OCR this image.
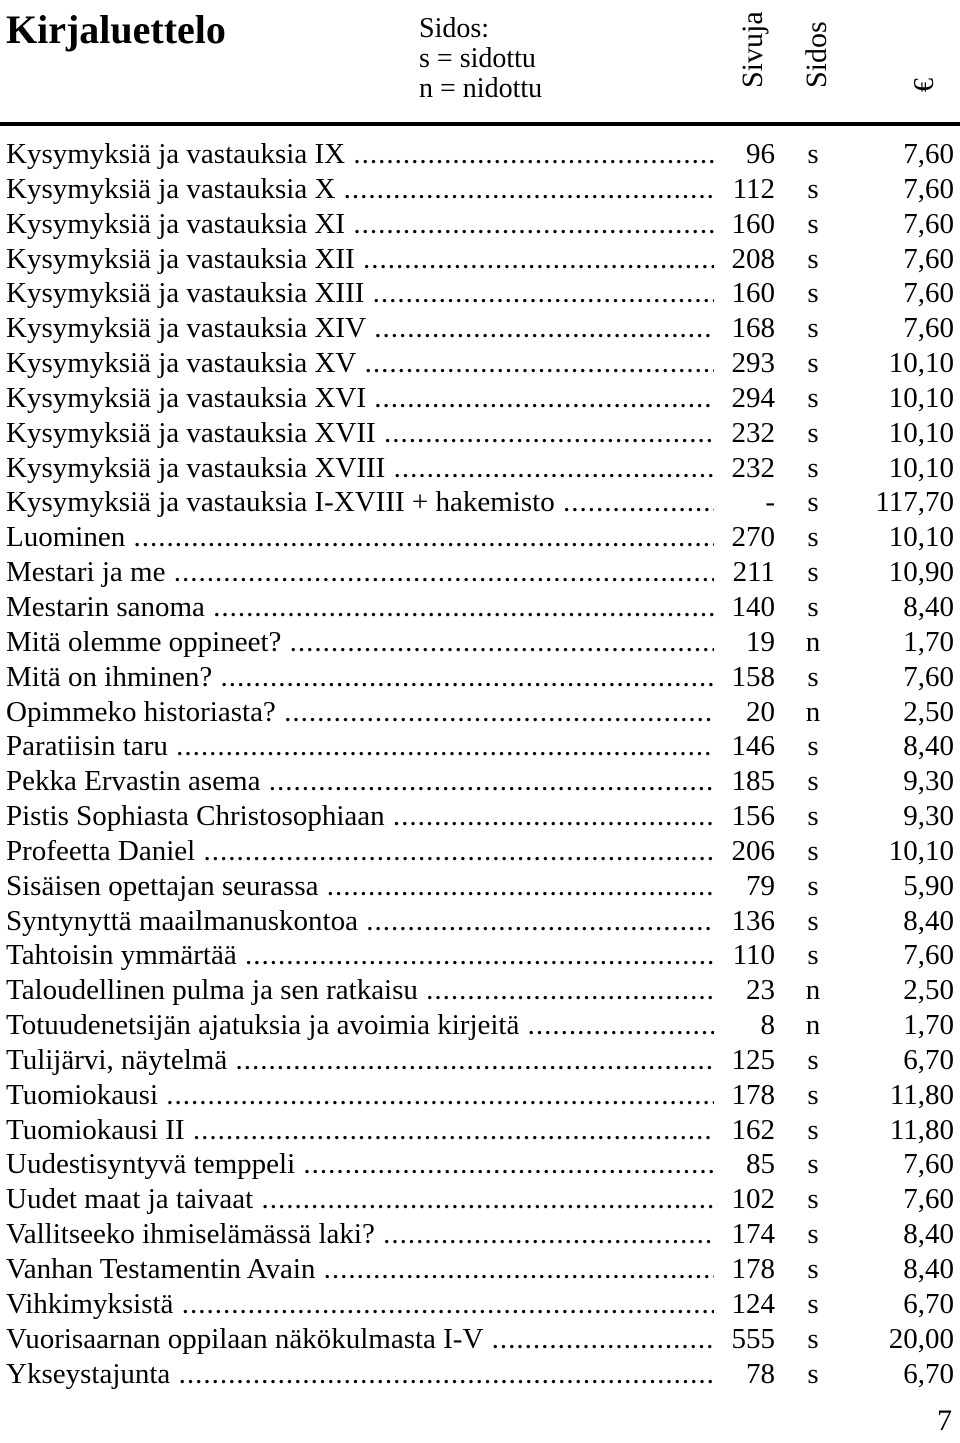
Kirjaluettelo	Sidos:
s = sidottu
n = nidottu
Sivuja Sidos	€
Kysymyksiä ja vastauksia IX .....	96	s	7,60
Kysymyksiä ja vastauksia X .....	112	s	7,60
Kysymyksiä ja vastauksia XI .....	160	s	7,60
Kysymyksiä ja vastauksia XII .....	208	s	7,60
Kysymyksiä ja vastauksia XIII .....	160	s	7,60
Kysymyksiä ja vastauksia XIV .....	168	s	7,60
Kysymyksiä ja vastauksia XV .....	293	s	10,10
Kysymyksiä ja vastauksia XVI .....	294	s	10,10
Kysymyksiä ja vastauksia XVII .....	232	s	10,10
Kysymyksiä ja vastauksia XVIII .....	232	s	10,10
Kysymyksiä ja vastauksia I-XVIII + hakemisto .....	-	s	117,70
Luominen .....	270	s	10,10
Mestari ja me .....	211	s	10,90
Mestarin sanoma .....	140	s	8,40
Mitä olemme oppineet? .....	19 n	1,70
Mitä on ihminen? .....	158	s	7,60
Opimmeko historiasta? .....	20 n	2,50
Paratiisin taru .....	146	s	8,40
Pekka Ervastin asema .....	185	s	9,30
Pistis Sophiasta Christosophiaan .....	156	s	9,30
Profeetta Daniel .....	206	s	10,10
Sisäisen opettajan seurassa .....	79	s	5,90
Syntynyttä maailmanuskontoa .....	136	s	8,40
Tahtoisin ymmärtää .....	110	s	7,60
Taloudellinen pulma ja sen ratkaisu .....	23 n	2,50
Totuudenetsijän ajatuksia ja avoimia kirjeitä .....	8 n	1,70
Tulijärvi, näytelmä .....	125	s	6,70
Tuomiokausi .....	178	s	11,80
Tuomiokausi II .....	162	s	11,80
Uudestisyntyvä temppeli .....	85	s	7,60
Uudet maat ja taivaat .....	102	s	7,60
Vallitseeko ihmiselämässä laki? .....	174	s	8,40
Vanhan Testamentin Avain .....	178	s	8,40
Vihkimyksistä .....	124	s	6,70
Vuorisaarnan oppilaan näkökulmasta I-V .....	555	s	20,00
Ykseystajunta .....	78	s	6,70
7
